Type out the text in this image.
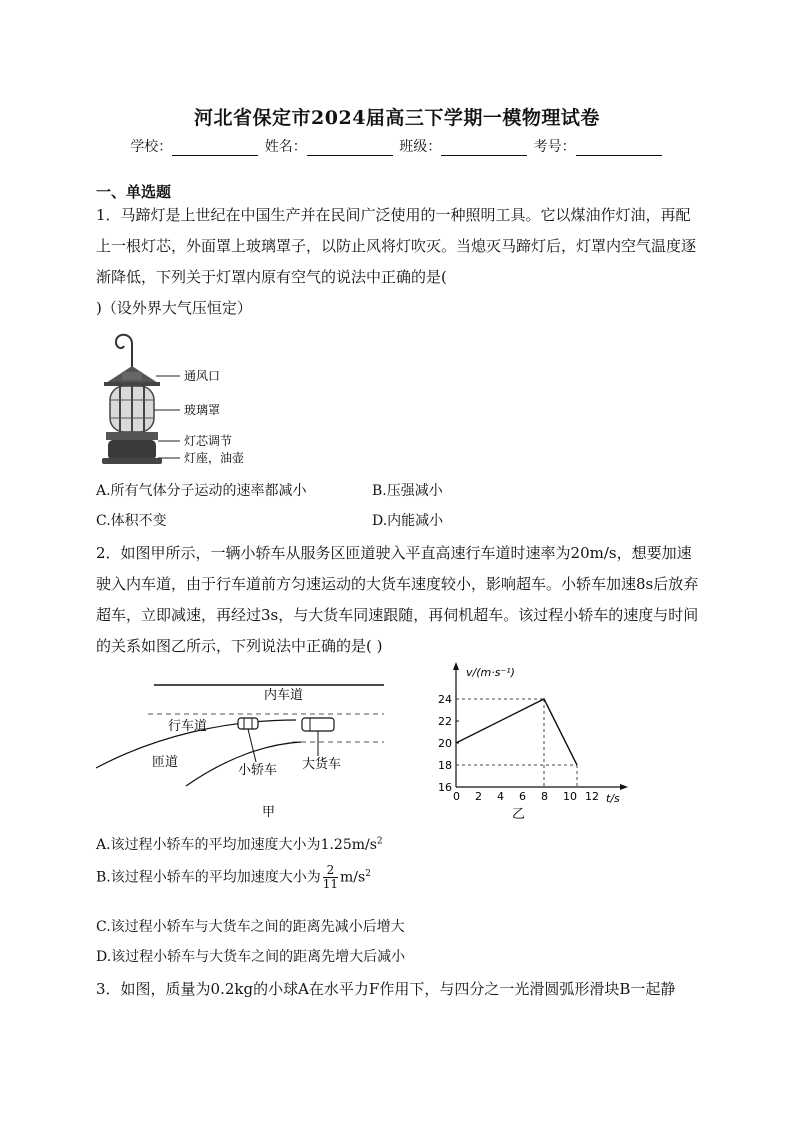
河北省保定市2024届高三下学期一模物理试卷
学校：	姓名：	班级：	考号：
一、单选题
1．马蹄灯是上世纪在中国生产并在民间广泛使用的一种照明工具。它以煤油作灯油，再配上一根灯芯，外面罩上玻璃罩子，以防止风将灯吹灭。当熄灭马蹄灯后，灯罩内空气温度逐渐降低，下列关于灯罩内原有空气的说法中正确的是(
)（设外界大气压恒定）
通风口
玻璃罩
灯芯调节
灯座，油壶
A.所有气体分子运动的速率都减小	B.压强减小
C.体积不变	D.内能减小
2．如图甲所示，一辆小轿车从服务区匝道驶入平直高速行车道时速率为20m/s，想要加速驶入内车道，由于行车道前方匀速运动的大货车速度较小，影响超车。小轿车加速8s后放弃超车，立即减速，再经过3s，与大货车同速跟随，再伺机超车。该过程小轿车的速度与时间的关系如图乙所示，下列说法中正确的是( )
内车道
行车道
匝道
小轿车 大货车
甲
v/(m·s⁻¹)
t/s
0 2 4 6 8 10 12
16
18
20
22
24
乙
A.该过程小轿车的平均加速度大小为$1.25m/s^2$
B.该过程小轿车的平均加速度大小为 $\frac{2}{11} m/s^2$
C.该过程小轿车与大货车之间的距离先减小后增大
D.该过程小轿车与大货车之间的距离先增大后减小
3．如图，质量为0.2kg的小球A在水平力F作用下，与四分之一光滑圆弧形滑块B一起静
